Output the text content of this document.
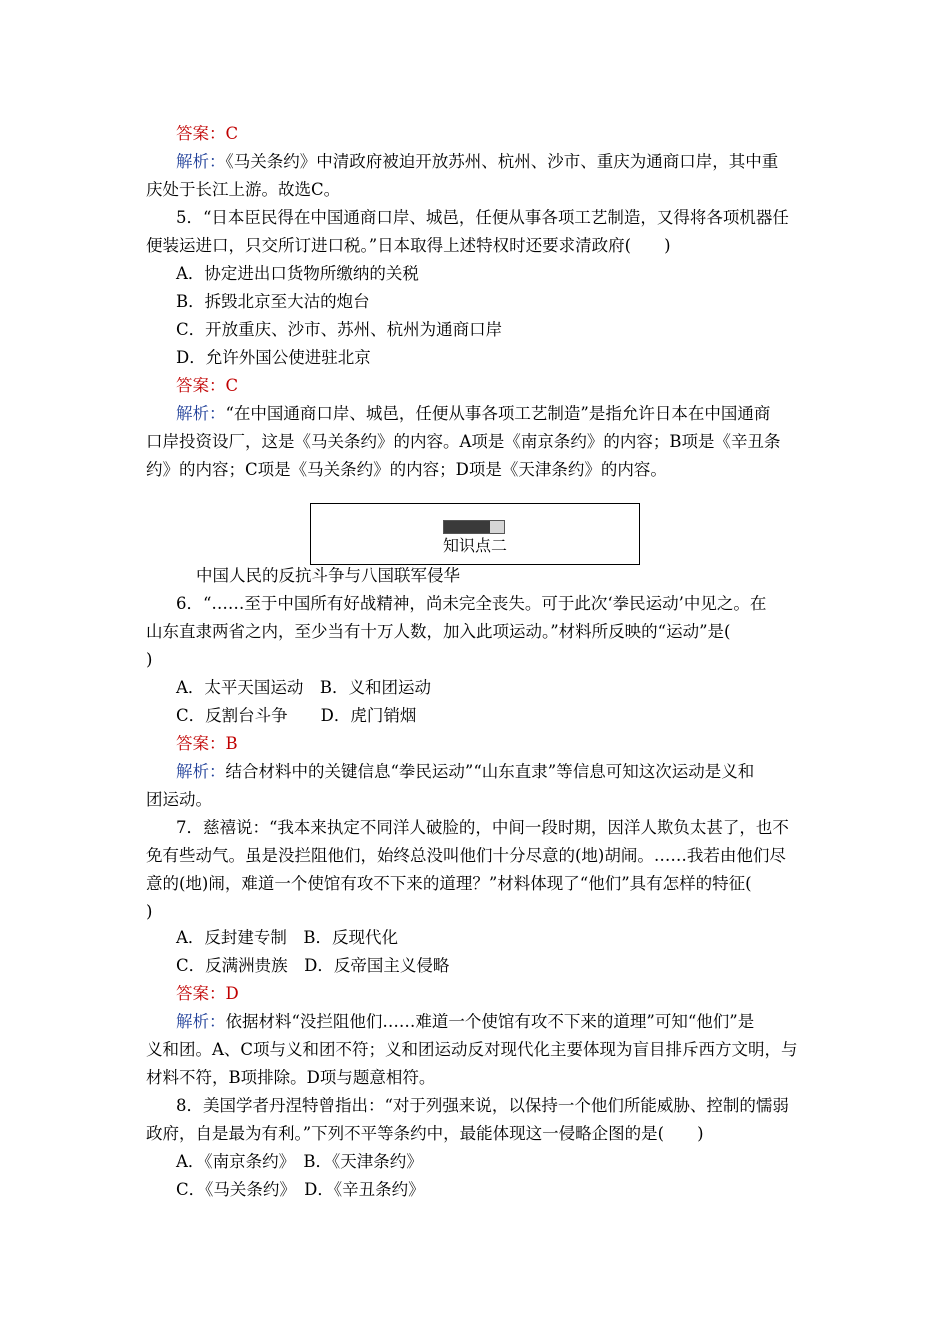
答案：C
解析：《马关条约》中清政府被迫开放苏州、杭州、沙市、重庆为通商口岸，其中重
庆处于长江上游。故选C。
5．“日本臣民得在中国通商口岸、城邑，任便从事各项工艺制造，又得将各项机器任
便装运进口，只交所订进口税。”日本取得上述特权时还要求清政府(　　)
A．协定进出口货物所缴纳的关税
B．拆毁北京至大沽的炮台
C．开放重庆、沙市、苏州、杭州为通商口岸
D．允许外国公使进驻北京
答案：C
解析：“在中国通商口岸、城邑，任便从事各项工艺制造”是指允许日本在中国通商
口岸投资设厂，这是《马关条约》的内容。A项是《南京条约》的内容；B项是《辛丑条
约》的内容；C项是《马关条约》的内容；D项是《天津条约》的内容。
知识点二
中国人民的反抗斗争与八国联军侵华
6．“……至于中国所有好战精神，尚未完全丧失。可于此次‘拳民运动’中见之。在
山东直隶两省之内，至少当有十万人数，加入此项运动。”材料所反映的“运动”是(
)
A．太平天国运动　B．义和团运动
C．反割台斗争　　D．虎门销烟
答案：B
解析：结合材料中的关键信息“拳民运动”“山东直隶”等信息可知这次运动是义和
团运动。
7．慈禧说：“我本来执定不同洋人破脸的，中间一段时期，因洋人欺负太甚了，也不
免有些动气。虽是没拦阻他们，始终总没叫他们十分尽意的(地)胡闹。……我若由他们尽
意的(地)闹，难道一个使馆有攻不下来的道理？”材料体现了“他们”具有怎样的特征(
)
A．反封建专制　B．反现代化
C．反满洲贵族　D．反帝国主义侵略
答案：D
解析：依据材料“没拦阻他们……难道一个使馆有攻不下来的道理”可知“他们”是
义和团。A、C项与义和团不符；义和团运动反对现代化主要体现为盲目排斥西方文明，与
材料不符，B项排除。D项与题意相符。
8．美国学者丹涅特曾指出：“对于列强来说，以保持一个他们所能威胁、控制的懦弱
政府，自是最为有利。”下列不平等条约中，最能体现这一侵略企图的是(　　)
A．《南京条约》　B．《天津条约》
C．《马关条约》　D．《辛丑条约》
